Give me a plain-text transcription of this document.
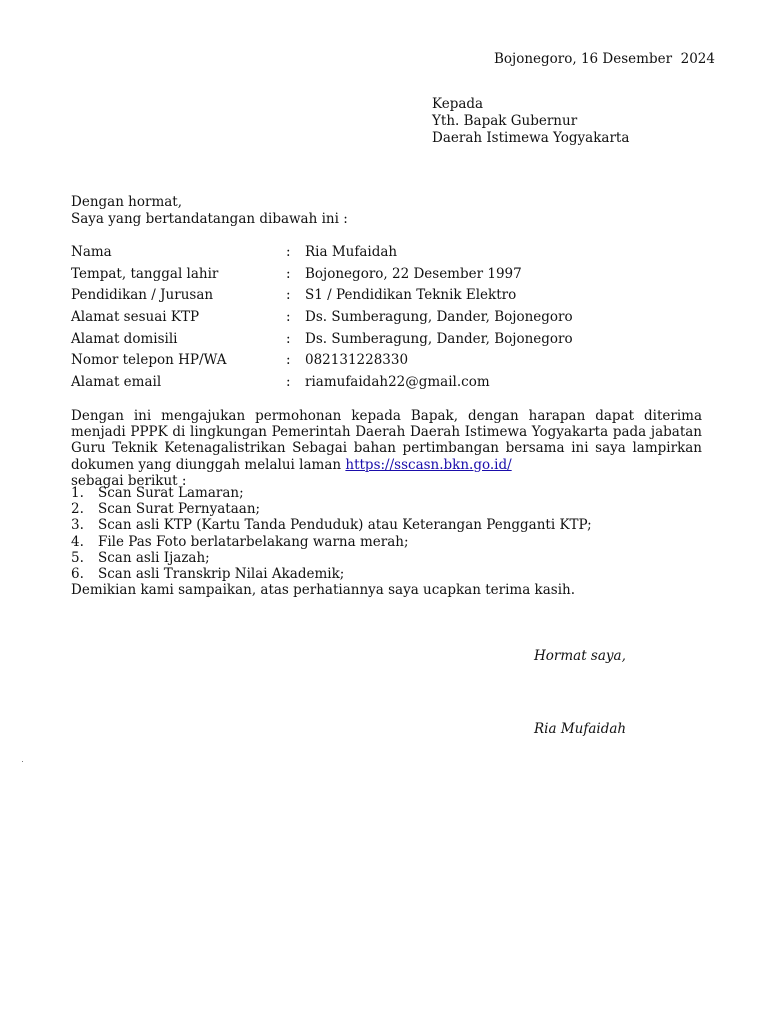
Bojonegoro, 16 Desember  2024
Kepada
Yth. Bapak Gubernur
Daerah Istimewa Yogyakarta
Dengan hormat,
Saya yang bertandatangan dibawah ini :
Nama	:	Ria Mufaidah
Tempat, tanggal lahir	:	Bojonegoro, 22 Desember 1997
Pendidikan / Jurusan	:	S1 / Pendidikan Teknik Elektro
Alamat sesuai KTP	:	Ds. Sumberagung, Dander, Bojonegoro
Alamat domisili	:	Ds. Sumberagung, Dander, Bojonegoro
Nomor telepon HP/WA	:	082131228330
Alamat email	:	riamufaidah22@gmail.com
Dengan ini mengajukan permohonan kepada Bapak, dengan harapan dapat diterima menjadi PPPK di lingkungan Pemerintah Daerah Daerah Istimewa Yogyakarta pada jabatan Guru Teknik Ketenagalistrikan Sebagai bahan pertimbangan bersama ini saya lampirkan dokumen yang diunggah melalui laman https://sscasn.bkn.go.id/
sebagai berikut :
1. Scan Surat Lamaran;
2. Scan Surat Pernyataan;
3. Scan asli KTP (Kartu Tanda Penduduk) atau Keterangan Pengganti KTP;
4. File Pas Foto berlatarbelakang warna merah;
5. Scan asli Ijazah;
6. Scan asli Transkrip Nilai Akademik;
Demikian kami sampaikan, atas perhatiannya saya ucapkan terima kasih.
Hormat saya,
Ria Mufaidah
